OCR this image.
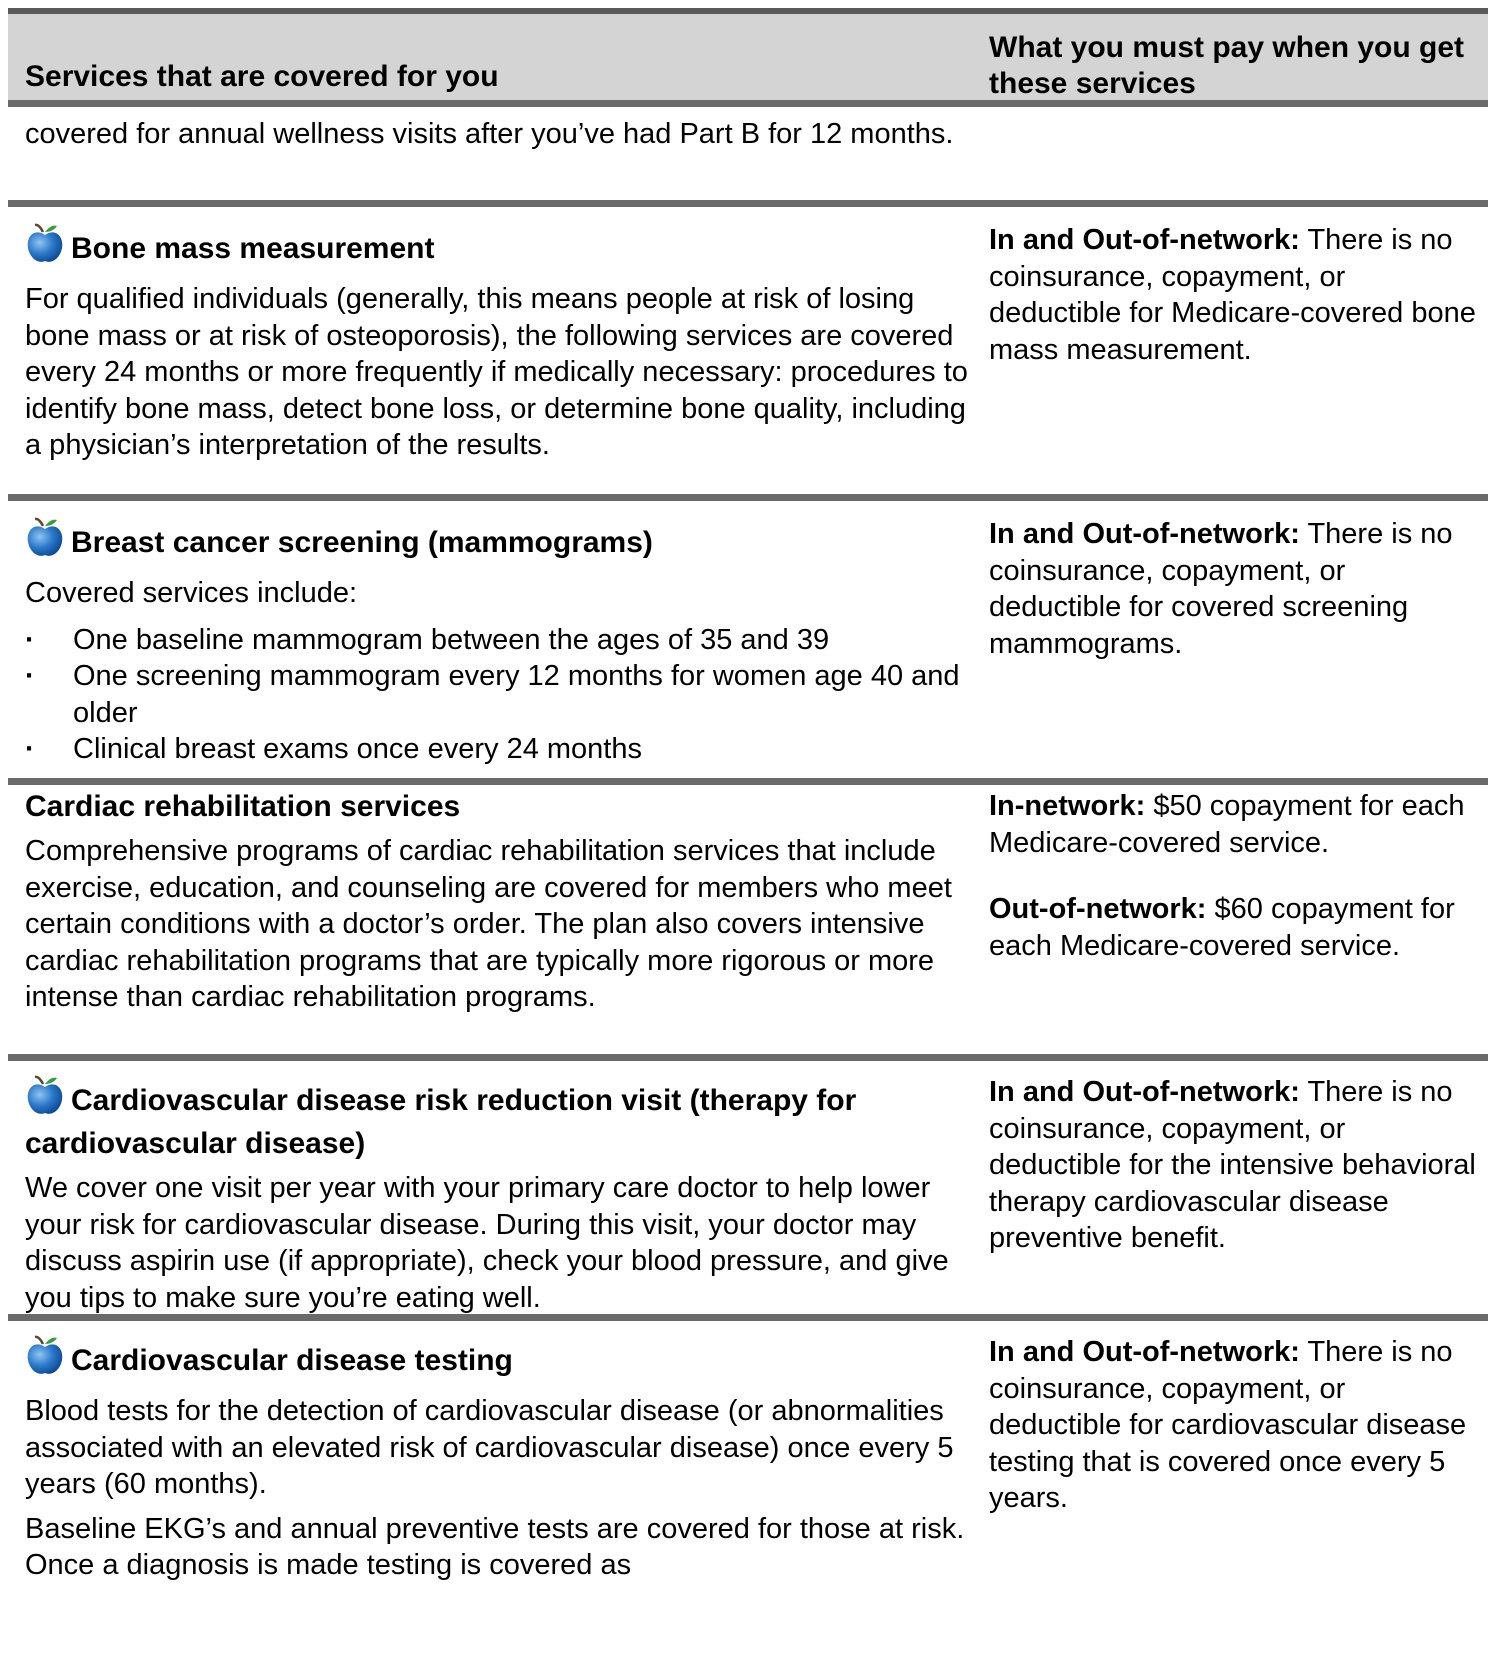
Services that are covered for you
What you must pay when you get these services
covered for annual wellness visits after you’ve had Part B for 12 months.
Bone mass measurement

For qualified individuals (generally, this means people at risk of losing bone mass or at risk of osteoporosis), the following services are covered every 24 months or more frequently if medically necessary: procedures to identify bone mass, detect bone loss, or determine bone quality, including a physician’s interpretation of the results.

In and Out-of-network: There is no coinsurance, copayment, or deductible for Medicare-covered bone mass measurement.
Breast cancer screening (mammograms)

Covered services include:

· One baseline mammogram between the ages of 35 and 39
· One screening mammogram every 12 months for women age 40 and older
· Clinical breast exams once every 24 months
In and Out-of-network: There is no coinsurance, copayment, or deductible for covered screening mammograms.
Cardiac rehabilitation services

Comprehensive programs of cardiac rehabilitation services that include exercise, education, and counseling are covered for members who meet certain conditions with a doctor’s order. The plan also covers intensive cardiac rehabilitation programs that are typically more rigorous or more intense than cardiac rehabilitation programs.

In-network: $50 copayment for each Medicare-covered service.
Out-of-network: $60 copayment for each Medicare-covered service.
Cardiovascular disease risk reduction visit (therapy for cardiovascular disease)

We cover one visit per year with your primary care doctor to help lower your risk for cardiovascular disease. During this visit, your doctor may discuss aspirin use (if appropriate), check your blood pressure, and give you tips to make sure you’re eating well.

In and Out-of-network: There is no coinsurance, copayment, or deductible for the intensive behavioral therapy cardiovascular disease preventive benefit.
Cardiovascular disease testing

Blood tests for the detection of cardiovascular disease (or abnormalities associated with an elevated risk of cardiovascular disease) once every 5 years (60 months).

Baseline EKG’s and annual preventive tests are covered for those at risk. Once a diagnosis is made testing is covered as

In and Out-of-network: There is no coinsurance, copayment, or deductible for cardiovascular disease testing that is covered once every 5 years.
